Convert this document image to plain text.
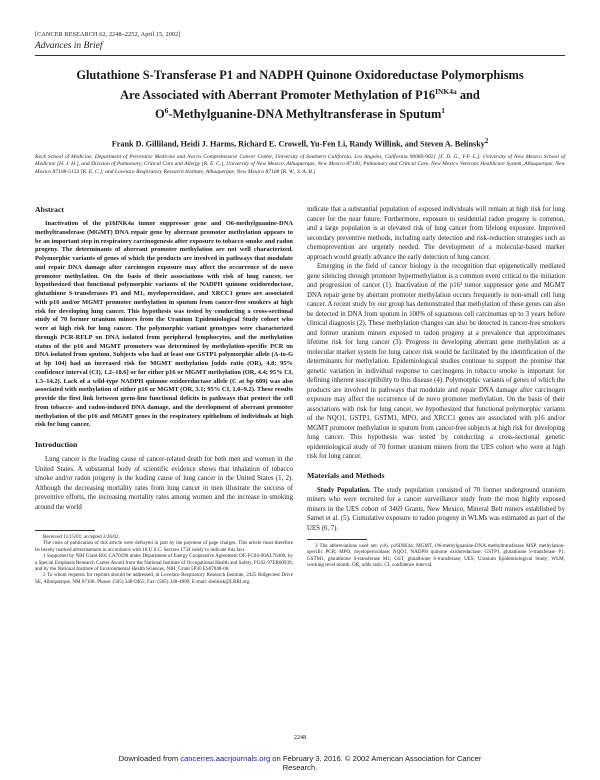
[CANCER RESEARCH 62, 2248–2252, April 15, 2002]
Advances in Brief
Glutathione S-Transferase P1 and NADPH Quinone Oxidoreductase Polymorphisms
Are Associated with Aberrant Promoter Methylation of $P16^{INK4a}$ and
$O^6-Methylguanine$-DNA Methyltransferase in Sputum$^1$
Frank D. Gilliland, Heidi J. Harms, Richard E. Crowell, Yu-Fen Li, Randy Willink, and Steven A. Belinsky$^2$
Keck School of Medicine, Department of Preventive Medicine and Norris Comprehensive Cancer Center, University of Southern California, Los Angeles, California 90089-9021 [F. D. G., Y-F. L.]; University of New Mexico School of Medicine [H. J. H.], and Division of Pulmonary, Critical Care and Allergy [R. E. C.], University of New Mexico, Albuquerque, New Mexico 87106; Pulmonary and Critical Care, New Mexico Veterans Healthcare System, Albuquerque, New Mexico 87108-5153 [R. E. C.]; and Lovelace Respiratory Research Institute, Albuquerque, New Mexico 87108 [R. W., S. A. B.]
Abstract

Inactivation of the p16INK4a tumor suppressor gene and O6-methylguanine-DNA methyltransferase (MGMT) DNA repair gene by aberrant promoter methylation appears to be an important step in respiratory carcinogenesis after exposure to tobacco smoke and radon progeny. The determinants of aberrant promoter methylation are not well characterized. Polymorphic variants of genes of which the products are involved in pathways that modulate and repair DNA damage after carcinogen exposure may affect the occurrence of de novo promoter methylation. On the basis of their associations with risk of lung cancer, we hypothesized that functional polymorphic variants of the NADPH quinone oxidoreductase, glutathione S-transferases P1 and M1, myeloperoxidase, and XRCC1 genes are associated with p16 and/or MGMT promoter methylation in sputum from cancer-free smokers at high risk for developing lung cancer. This hypothesis was tested by conducting a cross-sectional study of 70 former uranium miners from the Uranium Epidemiological Study cohort who were at high risk for lung cancer. The polymorphic variant genotypes were characterized through PCR-RFLP on DNA isolated from peripheral lymphocytes, and the methylation status of the p16 and MGMT promoters was determined by methylation-specific PCR on DNA isolated from sputum. Subjects who had at least one GSTP1 polymorphic allele (A-to-G at bp 104) had an increased risk for MGMT methylation [odds ratio (OR), 4.8; 95% confidence interval (CI), 1.2–18.6] or for either p16 or MGMT methylation (OR, 4.4; 95% CI, 1.3–14.2). Lack of a wild-type NADPH quinone oxidoreductase allele (C at bp 609) was also associated with methylation of either p16 or MGMT (OR, 3.1; 95% CI, 1.0–9.2). These results provide the first link between germ-line functional deficits in pathways that protect the cell from tobacco- and radon-induced DNA damage, and the development of aberrant promoter methylation of the p16 and MGMT genes in the respiratory epithelium of individuals at high risk for lung cancer.

Introduction

Lung cancer is the leading cause of cancer-related death for both men and women in the United States. A substantial body of scientific evidence shows that inhalation of tobacco smoke and/or radon progeny is the leading cause of lung cancer in the United States (1, 2). Although the decreasing mortality rates from lung cancer in men illustrate the success of preventive efforts, the increasing mortality rates among women and the increase in smoking around the world

Received 11/15/01; accepted 2/26/02.

The costs of publication of this article were defrayed in part by the payment of page charges. This article must therefore be hereby marked advertisement in accordance with 18 U.S.C. Section 1734 solely to indicate this fact.

1 Supported by NIH Grant R01 CA70190 under Department of Energy Cooperative Agreement DE-FC04-96AL76406; by a Special Emphasis Research Career Award from the National Institute of Occupational Health and Safety, FG02-97ER60939; and by the National Institute of Environmental Health Sciences, NIH, Grant 5P30 ES07048-06.

2 To whom requests for reprints should be addressed, at Lovelace Respiratory Research Institute, 2425 Ridgecrest Drive SE, Albuquerque, NM 87108. Phone: (505) 348-9465; Fax: (505) 348-4990; E-mail: sbelinsk@LRRI.org.

indicate that a substantial population of exposed individuals will remain at high risk for lung cancer for the near future. Furthermore, exposure to residential radon progeny is common, and a large population is at elevated risk of lung cancer from lifelong exposure. Improved secondary preventive methods, including early detection and risk-reduction strategies such as chemoprevention are urgently needed. The development of a molecular-based marker approach would greatly advance the early detection of lung cancer.

Emerging in the field of cancer biology is the recognition that epigenetically mediated gene silencing through promoter hypermethylation is a common event critical to the initiation and progression of cancer (1). Inactivation of the p16³ tumor suppressor gene and MGMT DNA repair gene by aberrant promoter methylation occurs frequently in non-small cell lung cancer. A recent study by our group has demonstrated that methylation of these genes can also be detected in DNA from sputum in 100% of squamous cell carcinomas up to 3 years before clinical diagnosis (2). These methylation changes can also be detected in cancer-free smokers and former uranium miners exposed to radon progeny at a prevalence that approximates lifetime risk for lung cancer (3). Progress in developing aberrant gene methylation as a molecular marker system for lung cancer risk would be facilitated by the identification of the determinants for methylation. Epidemiological studies continue to support the premise that genetic variation in individual response to carcinogens in tobacco smoke is important for defining inherent susceptibility to this disease (4). Polymorphic variants of genes of which the products are involved in pathways that modulate and repair DNA damage after carcinogen exposure may affect the occurrence of de novo promoter methylation. On the basis of their associations with risk for lung cancer, we hypothesized that functional polymorphic variants of the NQO1, GSTP1, GSTM1, MPO, and XRCC1 genes are associated with p16 and/or MGMT promoter methylation in sputum from cancer-free subjects at high risk for developing lung cancer. This hypothesis was tested by conducting a cross-sectional genetic epidemiological study of 70 former uranium miners from the UES cohort who were at high risk for lung cancer.

Materials and Methods

Study Population. The study population consisted of 70 former underground uranium miners who were recruited for a cancer surveillance study from the most highly exposed miners in the UES cohort of 3469 Grants, New Mexico, Mineral Belt miners established by Samet et al. (5). Cumulative exposure to radon progeny in WLMs was estimated as part of the UES (6, 7).

3 The abbreviations used are: p16, p16INK4a; MGMT, O6-methylguanine-DNA methyltransferase MSP, methylation-specific PCR; MPO, myeloperoxidase; NQO1, NADPH quinone oxidoreductase; GSTP1, glutathione S-transferase P1; GSTM1, glutathione S-transferase M1; GST, glutathione S-transferase; UES, Uranium Epidemiological Study; WLM, working level month, OR, odds ratio, CI, confidence interval.

2248
Downloaded from cancerres.aacrjournals.org on February 3, 2016. © 2002 American Association for Cancer
Research.
